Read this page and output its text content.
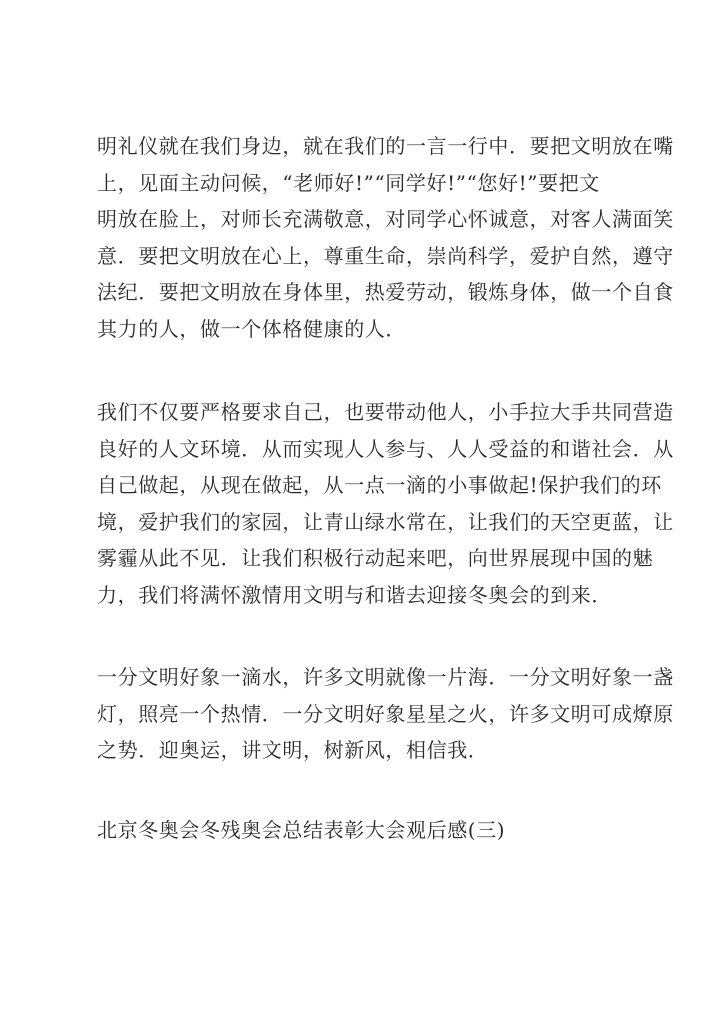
明礼仪就在我们身边，就在我们的一言一行中．要把文明放在嘴
上，见面主动问候，“老师好!”“同学好!”“您好!”要把文
明放在脸上，对师长充满敬意，对同学心怀诚意，对客人满面笑
意．要把文明放在心上，尊重生命，崇尚科学，爱护自然，遵守
法纪．要把文明放在身体里，热爱劳动，锻炼身体，做一个自食
其力的人，做一个体格健康的人．

我们不仅要严格要求自己，也要带动他人，小手拉大手共同营造
良好的人文环境．从而实现人人参与、人人受益的和谐社会．从
自己做起，从现在做起，从一点一滴的小事做起!保护我们的环
境，爱护我们的家园，让青山绿水常在，让我们的天空更蓝，让
雾霾从此不见．让我们积极行动起来吧，向世界展现中国的魅
力，我们将满怀激情用文明与和谐去迎接冬奥会的到来．

一分文明好象一滴水，许多文明就像一片海．一分文明好象一盏
灯，照亮一个热情．一分文明好象星星之火，许多文明可成燎原
之势．迎奥运，讲文明，树新风，相信我．

北京冬奥会冬残奥会总结表彰大会观后感(三)
